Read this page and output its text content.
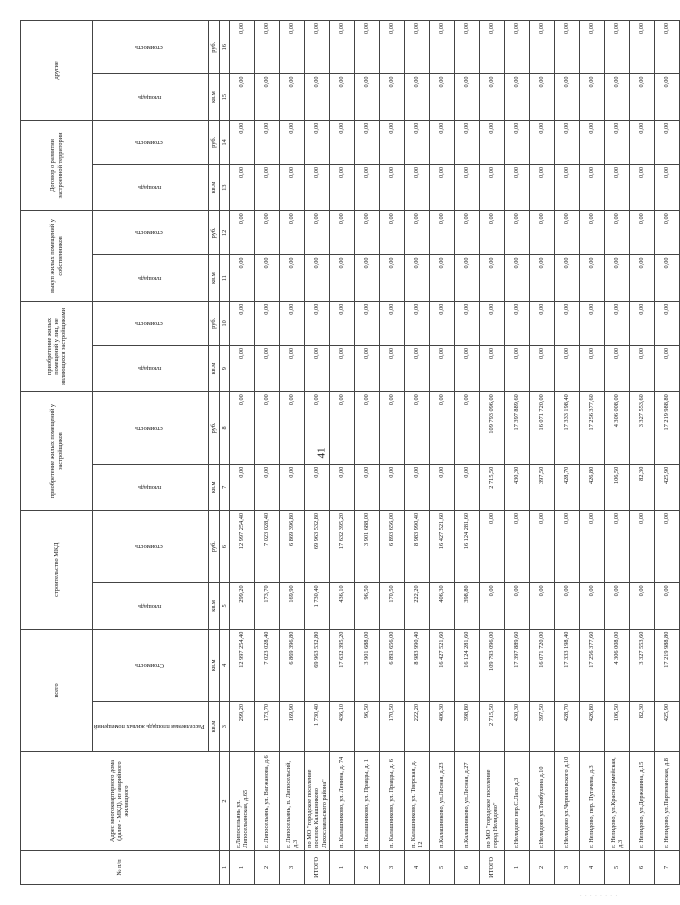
41
№ п/п	Адрес многоквартирного дома (далее - МКД), из аварийного жилищного	всего		строительство МКД		приобретение жилых помещений у застройщиков		приобретение жилых помещений у лиц, не являющихся застройщиками		выкуп жилых помещений у собственников		Договор о развитии застроенной территории		другие	
		Расселяемая площадь жилых помещений	Стоимость	площадь	стоимость	площадь	стоимость	площадь	стоимость	площадь	стоимость	площадь	стоимость	площадь	стоимость
		кв.м	кв.м	кв.м	руб.	кв.м	руб.	кв.м	руб.	кв.м	руб.	кв.м	руб.	кв.м	руб.
1	2	3	4	5	6	7	8	9	10	11	12	13	14	15	16
1	г.Липосельянь ул. Липосельянская, д.65	299,20	12 997 254,40	299,20	12 997 254,40	0,00	0,00	0,00	0,00	0,00	0,00	0,00	0,00	0,00	0,00
2	г. Липосельянь, ул. Вагжанова, д.6	173,70	7 023 028,40	173,70	7 023 028,40	0,00	0,00	0,00	0,00	0,00	0,00	0,00	0,00	0,00	0,00
3	г. Липосельянь, п. Липосельсий, д.3	169,90	6 869 396,80	169,90	6 869 396,80	0,00	0,00	0,00	0,00	0,00	0,00	0,00	0,00	0,00	0,00
ИТОГО	по МО "городское поселение поселок Калашниково Лихославльского района"	1 730,40	69 963 532,80	1 730,40	69 963 532,80	0,00	0,00	0,00	0,00	0,00	0,00	0,00	0,00	0,00	0,00
1	п. Калашниково, ул. Ленина, д. 74	436,10	17 632 395,20	436,10	17 632 395,20	0,00	0,00	0,00	0,00	0,00	0,00	0,00	0,00	0,00	0,00
2	п. Калашниково, ул. Правды, д. 1	96,50	3 901 688,00	96,50	3 901 688,00	0,00	0,00	0,00	0,00	0,00	0,00	0,00	0,00	0,00	0,00
3	п. Калашниково, ул. Правды, д. 6	170,50	6 893 656,00	170,50	6 893 656,00	0,00	0,00	0,00	0,00	0,00	0,00	0,00	0,00	0,00	0,00
4	п. Калашниково, ул. Тверская, д. 12	222,20	8 983 990,40	222,20	8 983 990,40	0,00	0,00	0,00	0,00	0,00	0,00	0,00	0,00	0,00	0,00
5	п.Калашниково, ул.Лесная, д.23	406,30	16 427 521,60	406,30	16 427 521,60	0,00	0,00	0,00	0,00	0,00	0,00	0,00	0,00	0,00	0,00
6	п.Калашниково, ул.Лесная, д.27	398,80	16 124 281,60	398,80	16 124 281,60	0,00	0,00	0,00	0,00	0,00	0,00	0,00	0,00	0,00	0,00
ИТОГО	по МО "городское поселение город Нелидово"	2 715,50	109 793 096,00	0,00	0,00	2 715,50	109 793 096,00	0,00	0,00	0,00	0,00	0,00	0,00	0,00	0,00
1	г.Нелидово пер.С.Лазо д.3	430,30	17 397 889,60	0,00	0,00	430,30	17 397 889,60	0,00	0,00	0,00	0,00	0,00	0,00	0,00	0,00
2	г.Нелидово ул.Тимбухина д.10	397,50	16 071 720,00	0,00	0,00	397,50	16 071 720,00	0,00	0,00	0,00	0,00	0,00	0,00	0,00	0,00
3	г.Нелидово ул.Черняховского д.10	428,70	17 333 198,40	0,00	0,00	428,70	17 333 198,40	0,00	0,00	0,00	0,00	0,00	0,00	0,00	0,00
4	г. Нелидово, пер. Пугачева, д.3	426,80	17 256 377,60	0,00	0,00	426,80	17 256 377,60	0,00	0,00	0,00	0,00	0,00	0,00	0,00	0,00
5	г. Нелидово, ул.Красноармейская, д.3	106,50	4 306 008,00	0,00	0,00	106,50	4 306 008,00	0,00	0,00	0,00	0,00	0,00	0,00	0,00	0,00
6	г. Нелидово, ул.Державина, д.15	82,30	3 327 553,60	0,00	0,00	82,30	3 327 553,60	0,00	0,00	0,00	0,00	0,00	0,00	0,00	0,00
7	г. Нелидово, ул.Партизанская, д.8	425,90	17 219 988,80	0,00	0,00	425,90	17 219 988,80	0,00	0,00	0,00	0,00	0,00	0,00	0,00	0,00
· · · · · · · ·
